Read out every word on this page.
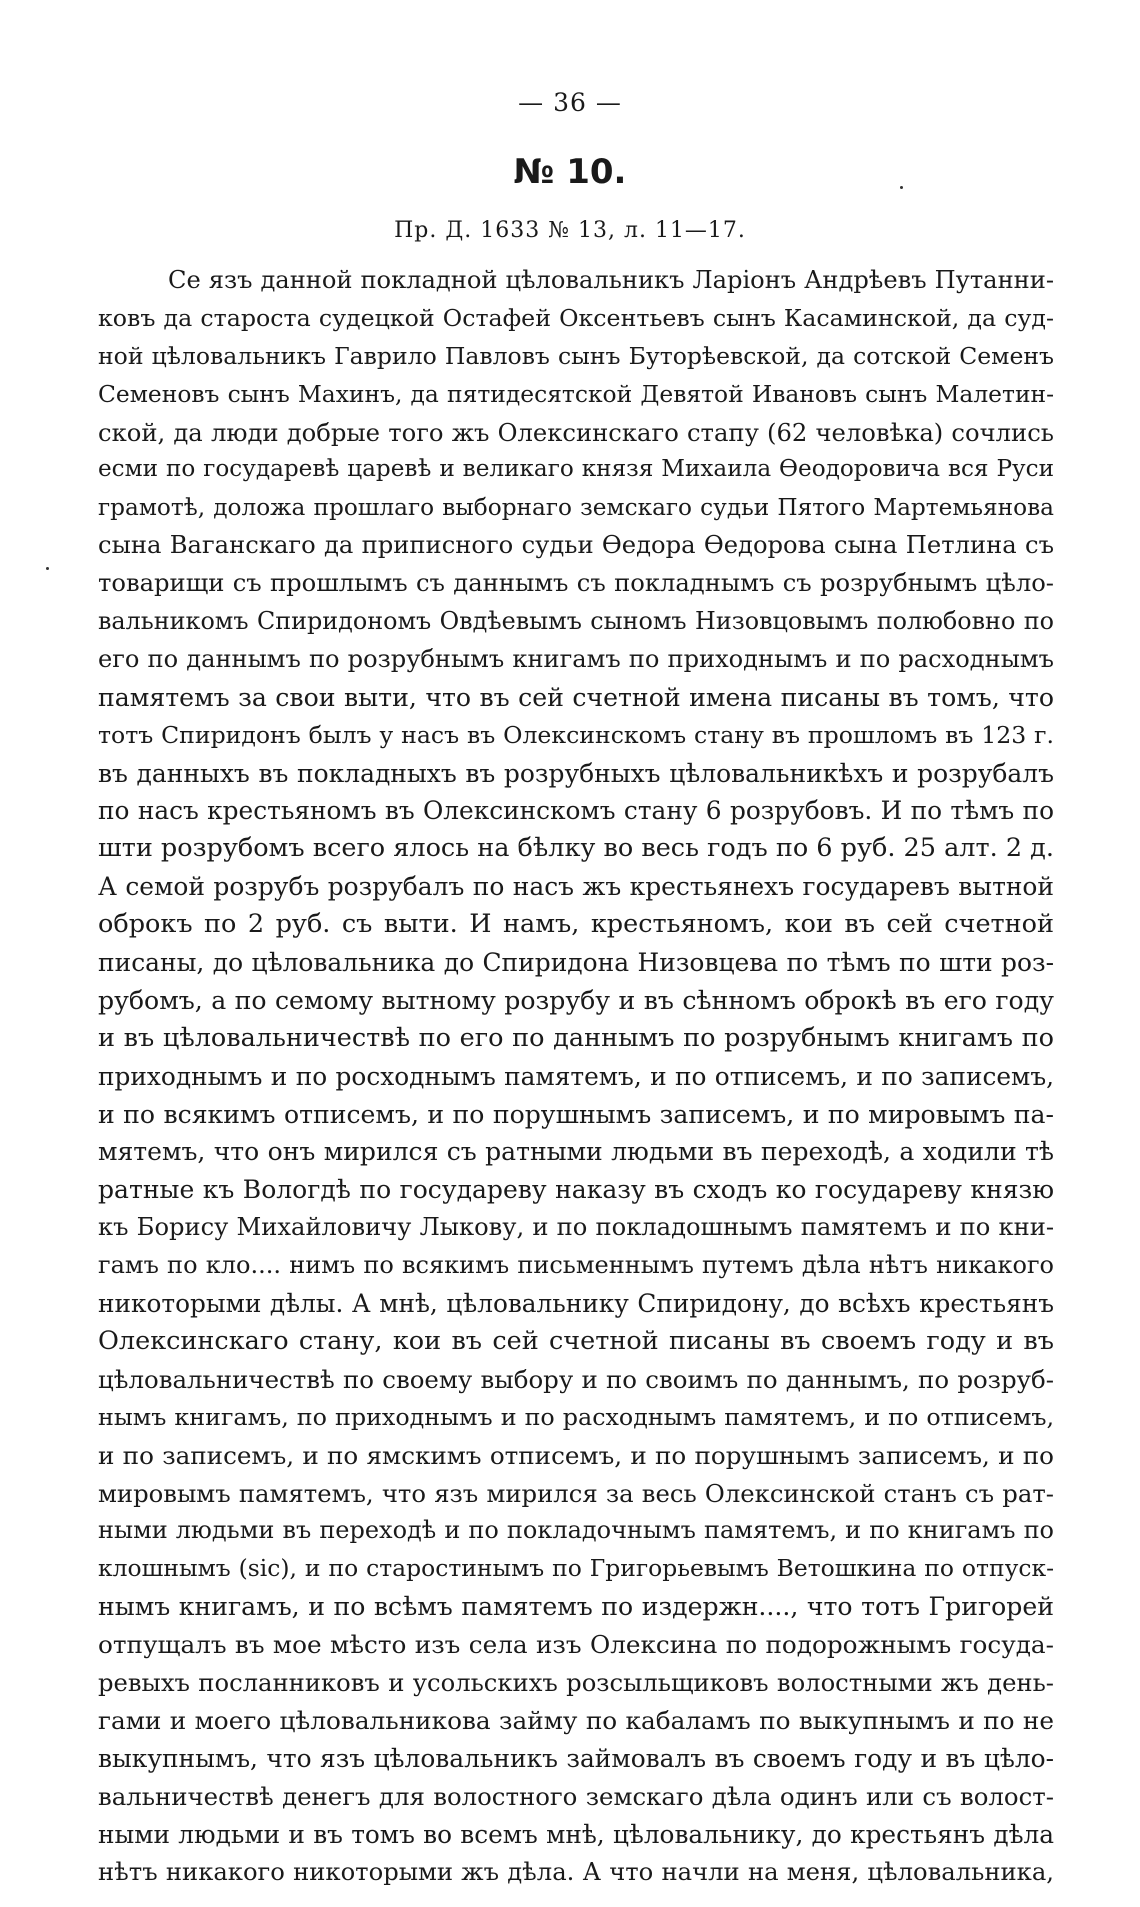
— 36 —
№ 10.
Пр. Д. 1633 № 13, л. 11—17.
Се язъ данной покладной цѣловальникъ Ларіонъ Андрѣевъ Путанни-
ковъ да староста судецкой Остафей Оксентьевъ сынъ Касаминской, да суд-
ной цѣловальникъ Гаврило Павловъ сынъ Буторѣевской, да сотской Семенъ
Семеновъ сынъ Махинъ, да пятидесятской Девятой Ивановъ сынъ Малетин-
ской, да люди добрые того жъ Олексинскаго стапу (62 человѣка) сочлись
есми по государевѣ царевѣ и великаго князя Михаила Ѳеодоровича вся Руси
грамотѣ, доложа прошлаго выборнаго земскаго судьи Пятого Мартемьянова
сына Ваганскаго да приписного судьи Ѳедора Ѳедорова сына Петлина съ
товарищи съ прошлымъ съ даннымъ съ покладнымъ съ розрубнымъ цѣло-
вальникомъ Спиридономъ Овдѣевымъ сыномъ Низовцовымъ полюбовно по
его по даннымъ по розрубнымъ книгамъ по приходнымъ и по расходнымъ
памятемъ за свои выти, что въ сей счетной имена писаны въ томъ, что
тотъ Спиридонъ былъ у насъ въ Олексинскомъ стану въ прошломъ въ 123 г.
въ данныхъ въ покладныхъ въ розрубныхъ цѣловальникѣхъ и розрубалъ
по насъ крестьяномъ въ Олексинскомъ стану 6 розрубовъ. И по тѣмъ по
шти розрубомъ всего ялось на бѣлку во весь годъ по 6 руб. 25 алт. 2 д.
А семой розрубъ розрубалъ по насъ жъ крестьянехъ государевъ вытной
оброкъ по 2 руб. съ выти. И намъ, крестьяномъ, кои въ сей счетной
писаны, до цѣловальника до Спиридона Низовцева по тѣмъ по шти роз-
рубомъ, а по семому вытному розрубу и въ сѣнномъ оброкѣ въ его году
и въ цѣловальничествѣ по его по даннымъ по розрубнымъ книгамъ по
приходнымъ и по росходнымъ памятемъ, и по отписемъ, и по записемъ,
и по всякимъ отписемъ, и по порушнымъ записемъ, и по мировымъ па-
мятемъ, что онъ мирился съ ратными людьми въ переходѣ, а ходили тѣ
ратные къ Вологдѣ по государеву наказу въ сходъ ко государеву князю
къ Борису Михайловичу Лыкову, и по покладошнымъ памятемъ и по кни-
гамъ по кло.... нимъ по всякимъ письменнымъ путемъ дѣла нѣтъ никакого
никоторыми дѣлы. А мнѣ, цѣловальнику Спиридону, до всѣхъ крестьянъ
Олексинскаго стану, кои въ сей счетной писаны въ своемъ году и въ
цѣловальничествѣ по своему выбору и по своимъ по даннымъ, по розруб-
нымъ книгамъ, по приходнымъ и по расходнымъ памятемъ, и по отписемъ,
и по записемъ, и по ямскимъ отписемъ, и по порушнымъ записемъ, и по
мировымъ памятемъ, что язъ мирился за весь Олексинской станъ съ рат-
ными людьми въ переходѣ и по покладочнымъ памятемъ, и по книгамъ по
клошнымъ (sic), и по старостинымъ по Григорьевымъ Ветошкина по отпуск-
нымъ книгамъ, и по всѣмъ памятемъ по издержн...., что тотъ Григорей
отпущалъ въ мое мѣсто изъ села изъ Олексина по подорожнымъ госуда-
ревыхъ посланниковъ и усольскихъ розсыльщиковъ волостными жъ день-
гами и моего цѣловальникова займу по кабаламъ по выкупнымъ и по не
выкупнымъ, что язъ цѣловальникъ займовалъ въ своемъ году и въ цѣло-
вальничествѣ денегъ для волостного земскаго дѣла одинъ или съ волост-
ными людьми и въ томъ во всемъ мнѣ, цѣловальнику, до крестьянъ дѣла
нѣтъ никакого никоторыми жъ дѣла. А что начли на меня, цѣловальника,
